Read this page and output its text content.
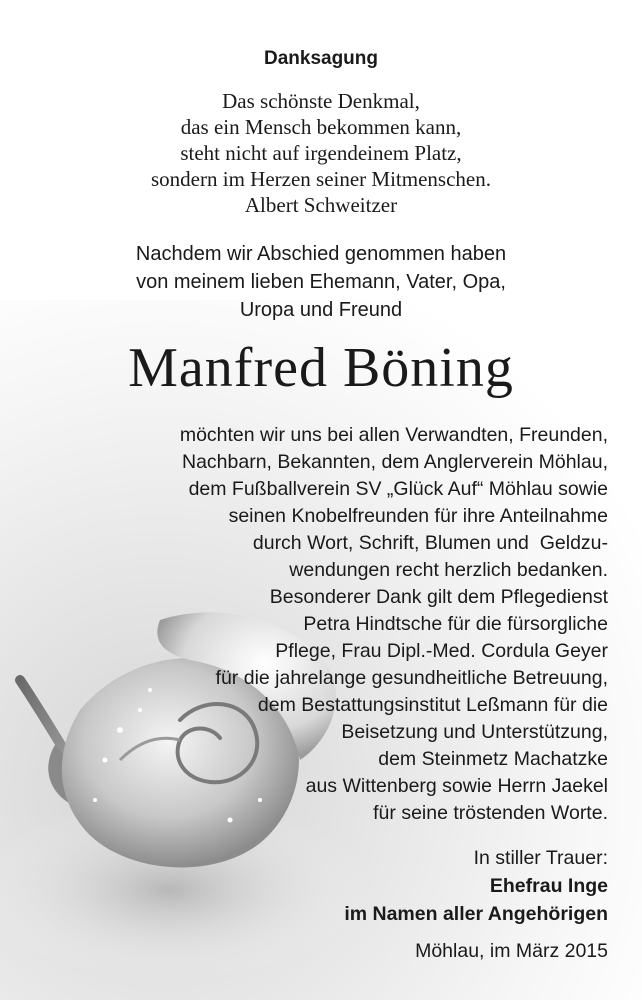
Danksagung
Das schönste Denkmal,
das ein Mensch bekommen kann,
steht nicht auf irgendeinem Platz,
sondern im Herzen seiner Mitmenschen.
Albert Schweitzer
Nachdem wir Abschied genommen haben
von meinem lieben Ehemann, Vater, Opa,
Uropa und Freund
Manfred Böning
möchten wir uns bei allen Verwandten, Freunden,
Nachbarn, Bekannten, dem Anglerverein Möhlau,
dem Fußballverein SV „Glück Auf“ Möhlau sowie
seinen Knobelfreunden für ihre Anteilnahme
durch Wort, Schrift, Blumen und  Geldzu-
wendungen recht herzlich bedanken.
Besonderer Dank gilt dem Pflegedienst
Petra Hindtsche für die fürsorgliche
Pflege, Frau Dipl.-Med. Cordula Geyer
für die jahrelange gesundheitliche Betreuung,
dem Bestattungsinstitut Leßmann für die
Beisetzung und Unterstützung,
dem Steinmetz Machatzke
aus Wittenberg sowie Herrn Jaekel
für seine tröstenden Worte.
In stiller Trauer:
Ehefrau Inge
im Namen aller Angehörigen
Möhlau, im März 2015
